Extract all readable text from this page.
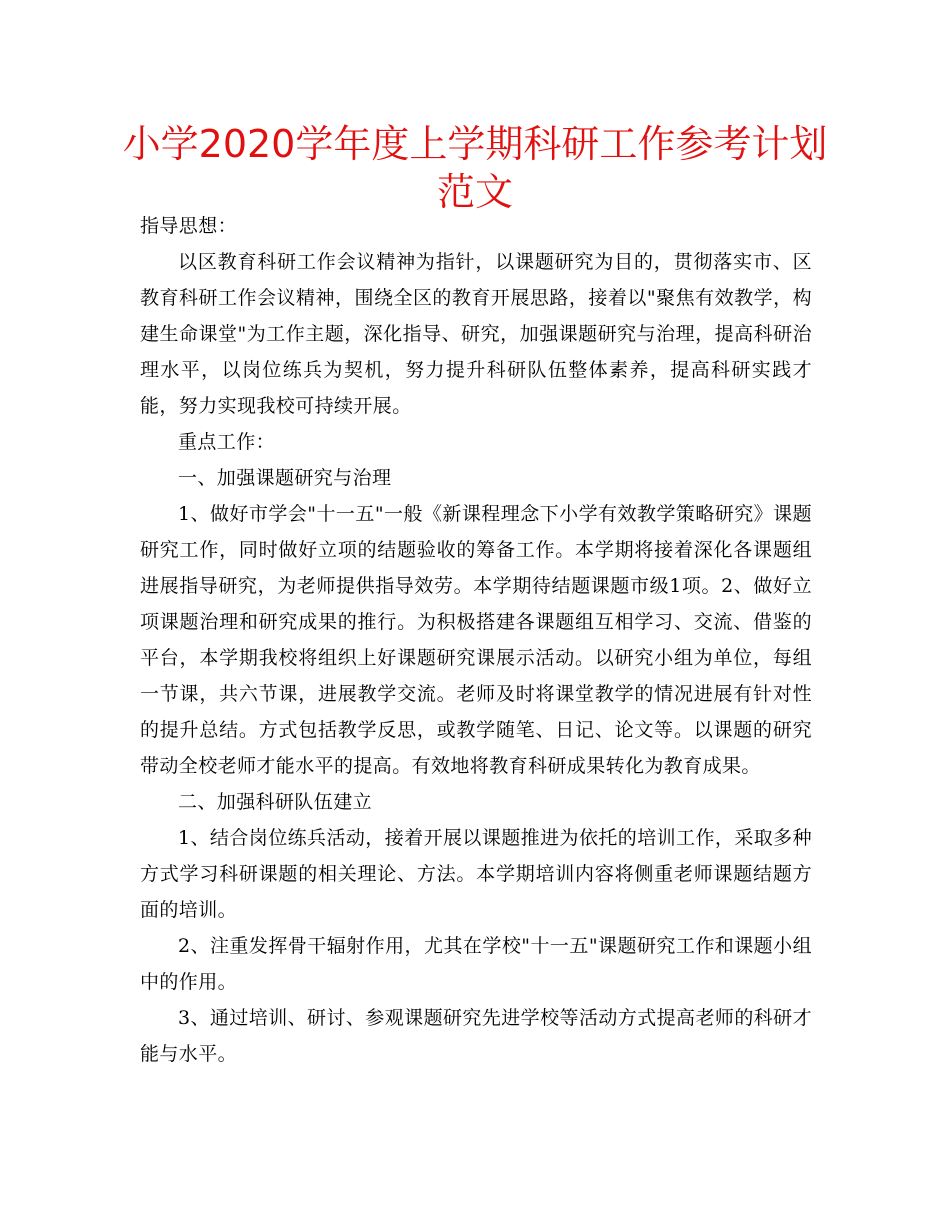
小学2020学年度上学期科研工作参考计划
范文

指导思想：

以区教育科研工作会议精神为指针，以课题研究为目的，贯彻落实市、区教育科研工作会议精神，围绕全区的教育开展思路，接着以"聚焦有效教学，构建生命课堂"为工作主题，深化指导、研究，加强课题研究与治理，提高科研治理水平，以岗位练兵为契机，努力提升科研队伍整体素养，提高科研实践才能，努力实现我校可持续开展。

重点工作：

一、加强课题研究与治理

1、做好市学会"十一五"一般《新课程理念下小学有效教学策略研究》课题研究工作，同时做好立项的结题验收的筹备工作。本学期将接着深化各课题组进展指导研究，为老师提供指导效劳。本学期待结题课题市级1项。2、做好立项课题治理和研究成果的推行。为积极搭建各课题组互相学习、交流、借鉴的平台，本学期我校将组织上好课题研究课展示活动。以研究小组为单位，每组一节课，共六节课，进展教学交流。老师及时将课堂教学的情况进展有针对性的提升总结。方式包括教学反思，或教学随笔、日记、论文等。以课题的研究带动全校老师才能水平的提高。有效地将教育科研成果转化为教育成果。

二、加强科研队伍建立

1、结合岗位练兵活动，接着开展以课题推进为依托的培训工作，采取多种方式学习科研课题的相关理论、方法。本学期培训内容将侧重老师课题结题方面的培训。

2、注重发挥骨干辐射作用，尤其在学校"十一五"课题研究工作和课题小组中的作用。

3、通过培训、研讨、参观课题研究先进学校等活动方式提高老师的科研才能与水平。
